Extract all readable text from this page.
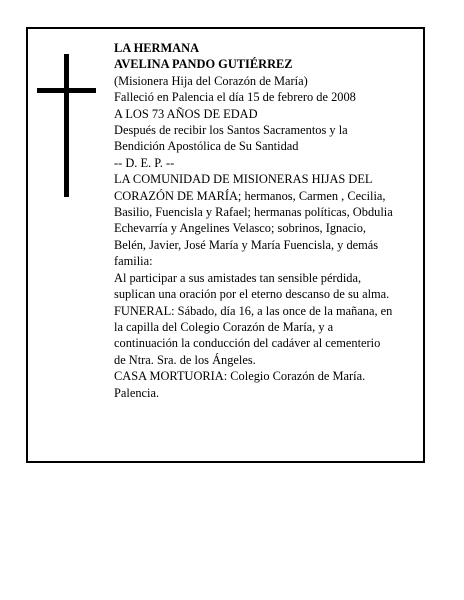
LA HERMANA
AVELINA PANDO GUTIÉRREZ
(Misionera Hija del Corazón de María)
Falleció en Palencia el día 15 de febrero de 2008
A LOS 73 AÑOS DE EDAD
Después de recibir los Santos Sacramentos y la
Bendición Apostólica de Su Santidad
-- D. E. P. --
LA COMUNIDAD DE MISIONERAS HIJAS DEL
CORAZÓN DE MARÍA; hermanos, Carmen , Cecilia,
Basilio, Fuencisla y Rafael; hermanas políticas, Obdulia
Echevarría y Angelines Velasco; sobrinos, Ignacio,
Belén, Javier, José María y María Fuencisla, y demás
familia:
Al participar a sus amistades tan sensible pérdida,
suplican una oración por el eterno descanso de su alma.
FUNERAL: Sábado, día 16, a las once de la mañana, en
la capilla del Colegio Corazón de María, y a
continuación la conducción del cadáver al cementerio
de Ntra. Sra. de los Ángeles.
CASA MORTUORIA: Colegio Corazón de María.
Palencia.
